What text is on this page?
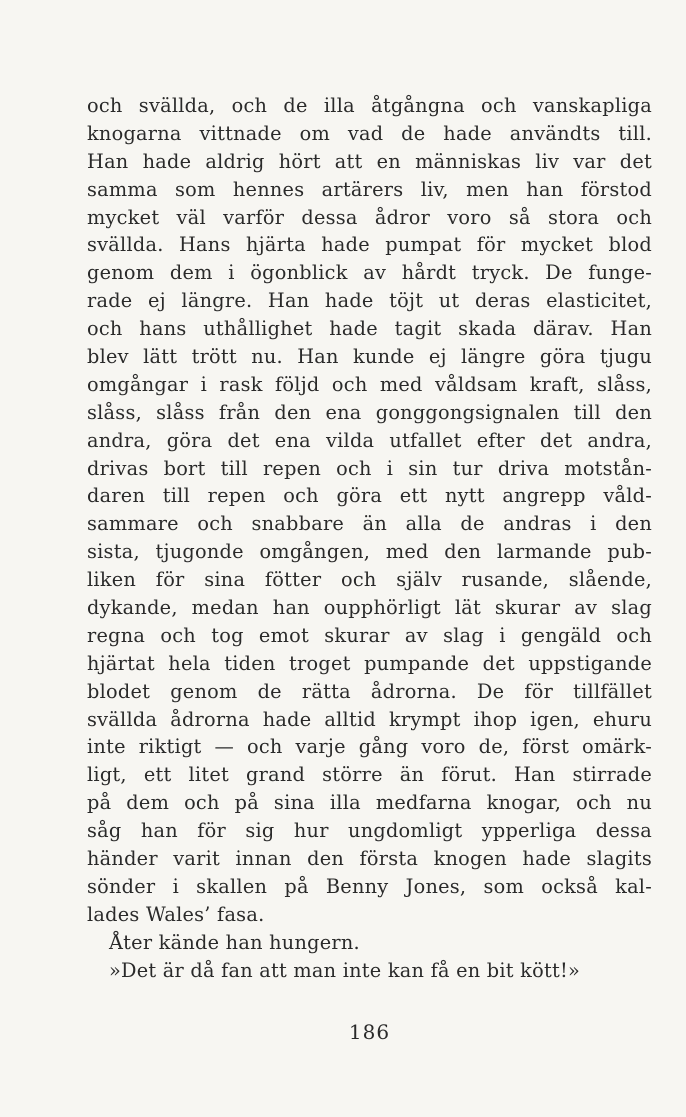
och svällda, och de illa åtgångna och vanskapliga
knogarna vittnade om vad de hade användts till.
Han hade aldrig hört att en människas liv var det
samma som hennes artärers liv, men han förstod
mycket väl varför dessa ådror voro så stora och
svällda. Hans hjärta hade pumpat för mycket blod
genom dem i ögonblick av hårdt tryck. De funge-
rade ej längre. Han hade töjt ut deras elasticitet,
och hans uthållighet hade tagit skada därav. Han
blev lätt trött nu. Han kunde ej längre göra tjugu
omgångar i rask följd och med våldsam kraft, slåss,
slåss, slåss från den ena gonggongsignalen till den
andra, göra det ena vilda utfallet efter det andra,
drivas bort till repen och i sin tur driva motstån-
daren till repen och göra ett nytt angrepp våld-
sammare och snabbare än alla de andras i den
sista, tjugonde omgången, med den larmande pub-
liken för sina fötter och själv rusande, slående,
dykande, medan han oupphörligt lät skurar av slag
regna och tog emot skurar av slag i gengäld och
hjärtat hela tiden troget pumpande det uppstigande
blodet genom de rätta ådrorna. De för tillfället
svällda ådrorna hade alltid krympt ihop igen, ehuru
inte riktigt — och varje gång voro de, först omärk-
ligt, ett litet grand större än förut. Han stirrade
på dem och på sina illa medfarna knogar, och nu
såg han för sig hur ungdomligt ypperliga dessa
händer varit innan den första knogen hade slagits
sönder i skallen på Benny Jones, som också kal-
lades Wales’ fasa.
Åter kände han hungern.
»Det är då fan att man inte kan få en bit kött!»
186
